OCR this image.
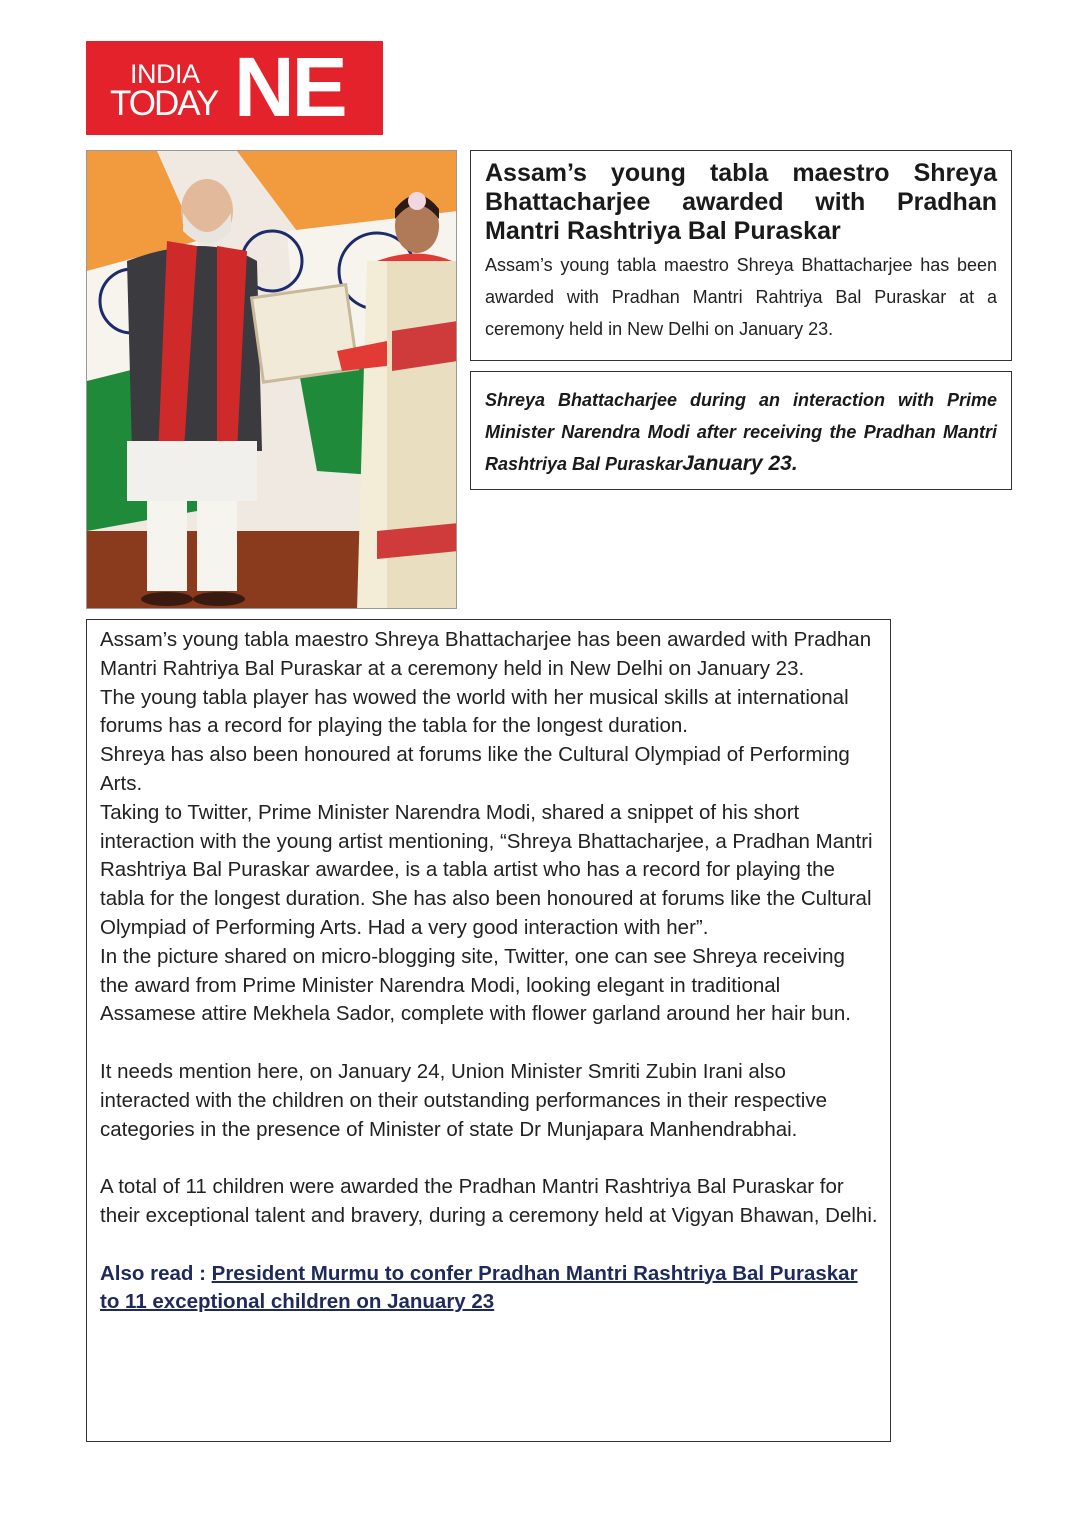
INDIA
TODAY NE
Assam’s young tabla maestro Shreya Bhattacharjee awarded with Pradhan Mantri Rashtriya Bal Puraskar

Assam’s young tabla maestro Shreya Bhattacharjee has been awarded with Pradhan Mantri Rahtriya Bal Puraskar at a ceremony held in New Delhi on January 23.

Shreya Bhattacharjee during an interaction with Prime Minister Narendra Modi after receiving the Pradhan Mantri Rashtriya Bal PuraskarJanuary 23.

Assam’s young tabla maestro Shreya Bhattacharjee has been awarded with Pradhan Mantri Rahtriya Bal Puraskar at a ceremony held in New Delhi on January 23.

The young tabla player has wowed the world with her musical skills at international forums has a record for playing the tabla for the longest duration.

Shreya has also been honoured at forums like the Cultural Olympiad of Performing Arts.

Taking to Twitter, Prime Minister Narendra Modi, shared a snippet of his short interaction with the young artist mentioning, “Shreya Bhattacharjee, a Pradhan Mantri Rashtriya Bal Puraskar awardee, is a tabla artist who has a record for playing the tabla for the longest duration. She has also been honoured at forums like the Cultural Olympiad of Performing Arts. Had a very good interaction with her”.

In the picture shared on micro-blogging site, Twitter, one can see Shreya receiving the award from Prime Minister Narendra Modi, looking elegant in traditional Assamese attire Mekhela Sador, complete with flower garland around her hair bun.

It needs mention here, on January 24, Union Minister Smriti Zubin Irani also interacted with the children on their outstanding performances in their respective categories in the presence of Minister of state Dr Munjapara Manhendrabhai.

A total of 11 children were awarded the Pradhan Mantri Rashtriya Bal Puraskar for their exceptional talent and bravery, during a ceremony held at Vigyan Bhawan, Delhi.

Also read : President Murmu to confer Pradhan Mantri Rashtriya Bal Puraskar to 11 exceptional children on January 23
